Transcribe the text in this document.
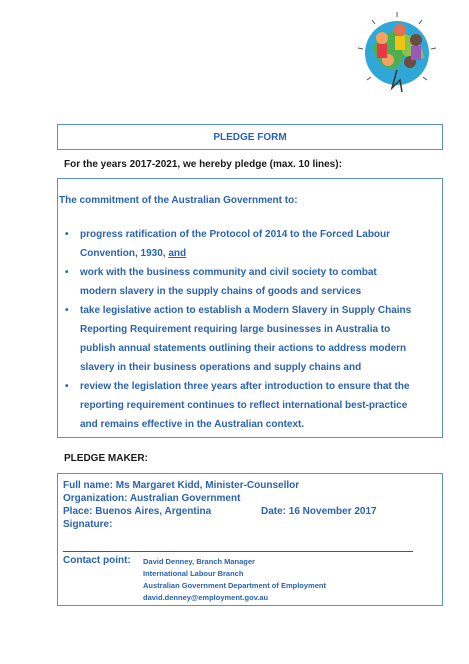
PLEDGE FORM
For the years 2017-2021, we hereby pledge (max. 10 lines):
The commitment of the Australian Government to:
• progress ratification of the Protocol of 2014 to the Forced Labour
Convention, 1930, and
• work with the business community and civil society to combat
modern slavery in the supply chains of goods and services
• take legislative action to establish a Modern Slavery in Supply Chains
Reporting Requirement requiring large businesses in Australia to
publish annual statements outlining their actions to address modern
slavery in their business operations and supply chains and
• review the legislation three years after introduction to ensure that the
reporting requirement continues to reflect international best-practice
and remains effective in the Australian context.
PLEDGE MAKER:
Full name: Ms Margaret Kidd, Minister-Counsellor
Organization: Australian Government
Place: Buenos Aires, Argentina	Date: 16 November 2017
Signature:
Contact point: David Denney, Branch Manager
International Labour Branch
Australian Government Department of Employment
david.denney@employment.gov.au
